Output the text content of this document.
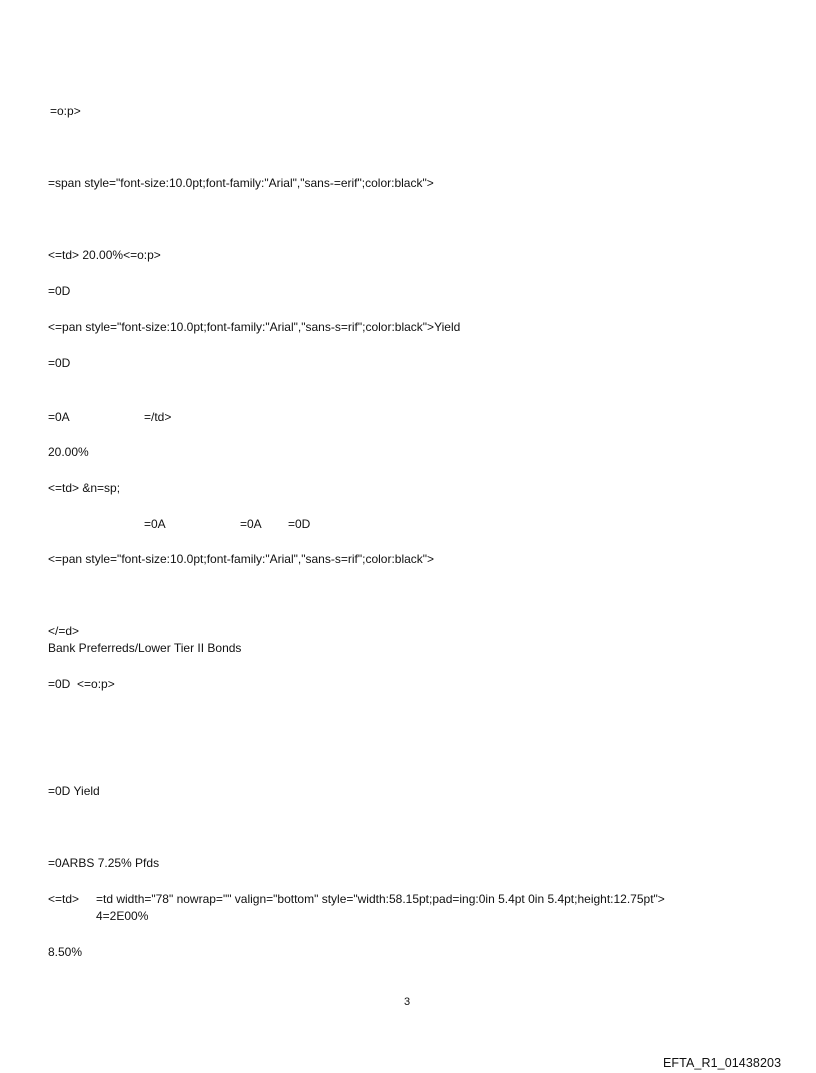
=o:p>
=span style="font-size:10.0pt;font-family:"Arial","sans-=erif";color:black">
<=td> 20.00%<=o:p>
=0D
<=pan style="font-size:10.0pt;font-family:"Arial","sans-s=rif";color:black">Yield
=0D
=0A	=/td>
20.00%
<=td> &n=sp;
=0A	=0A =0D
<=pan style="font-size:10.0pt;font-family:"Arial","sans-s=rif";color:black">
</=d>
Bank Preferreds/Lower Tier II Bonds
=0D  <=o:p>
=0D Yield
=0ARBS 7.25% Pfds
<=td> =td width="78" nowrap="" valign="bottom" style="width:58.15pt;pad=ing:0in 5.4pt 0in 5.4pt;height:12.75pt">
4=2E00%
8.50%
3
EFTA_R1_01438203
